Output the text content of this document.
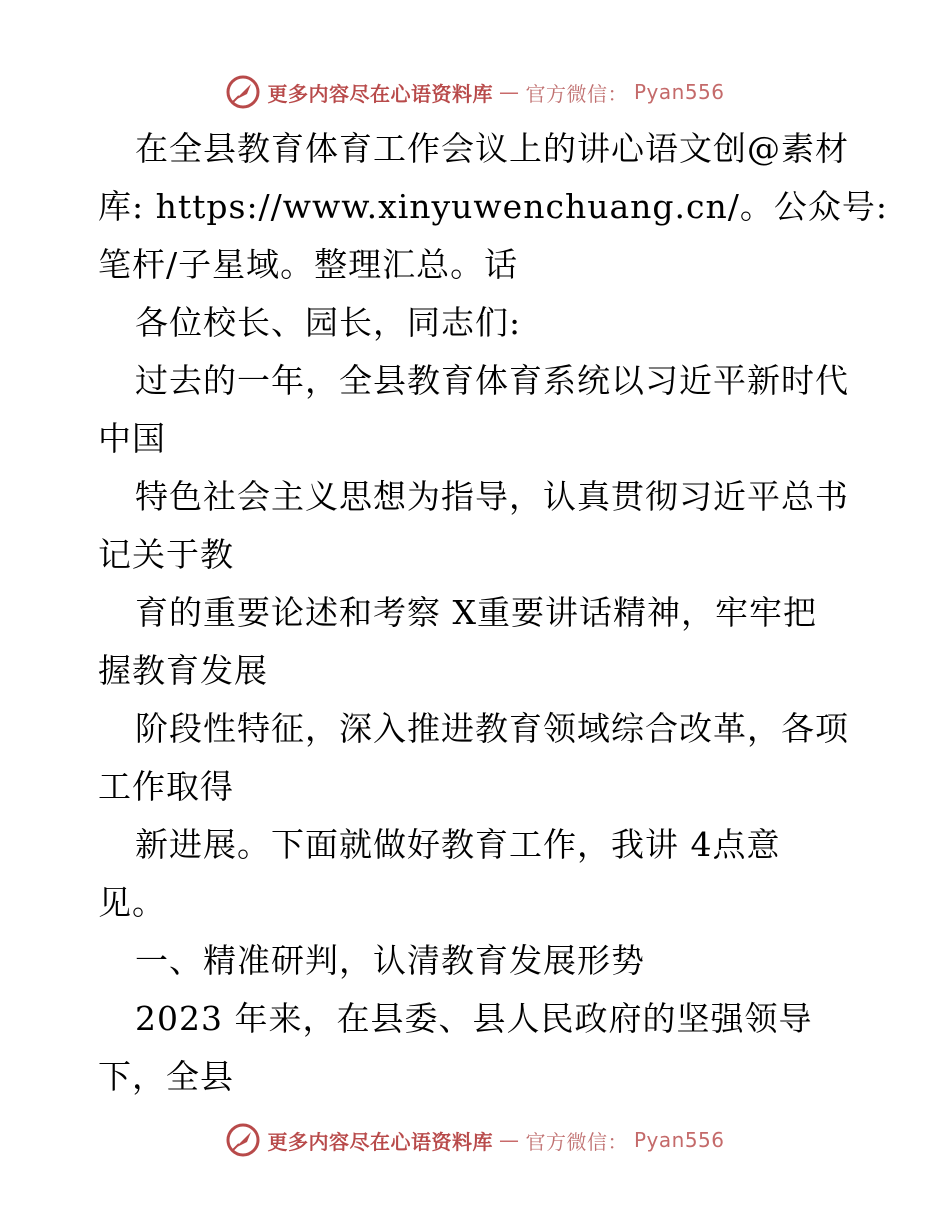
更多内容尽在心语资料库 — 官方微信： Pyan556
在全县教育体育工作会议上的讲心语文创@素材
库: https://www.xinyuwenchuang.cn/。公众号:
笔杆/子星域。整理汇总。话
各位校长、园长，同志们:
过去的一年，全县教育体育系统以习近平新时代
中国
特色社会主义思想为指导，认真贯彻习近平总书
记关于教
育的重要论述和考察 X重要讲话精神，牢牢把
握教育发展
阶段性特征，深入推进教育领域综合改革，各项
工作取得
新进展。下面就做好教育工作，我讲 4点意
见。
一、精准研判，认清教育发展形势
2023 年来，在县委、县人民政府的坚强领导
下，全县
更多内容尽在心语资料库 — 官方微信： Pyan556
